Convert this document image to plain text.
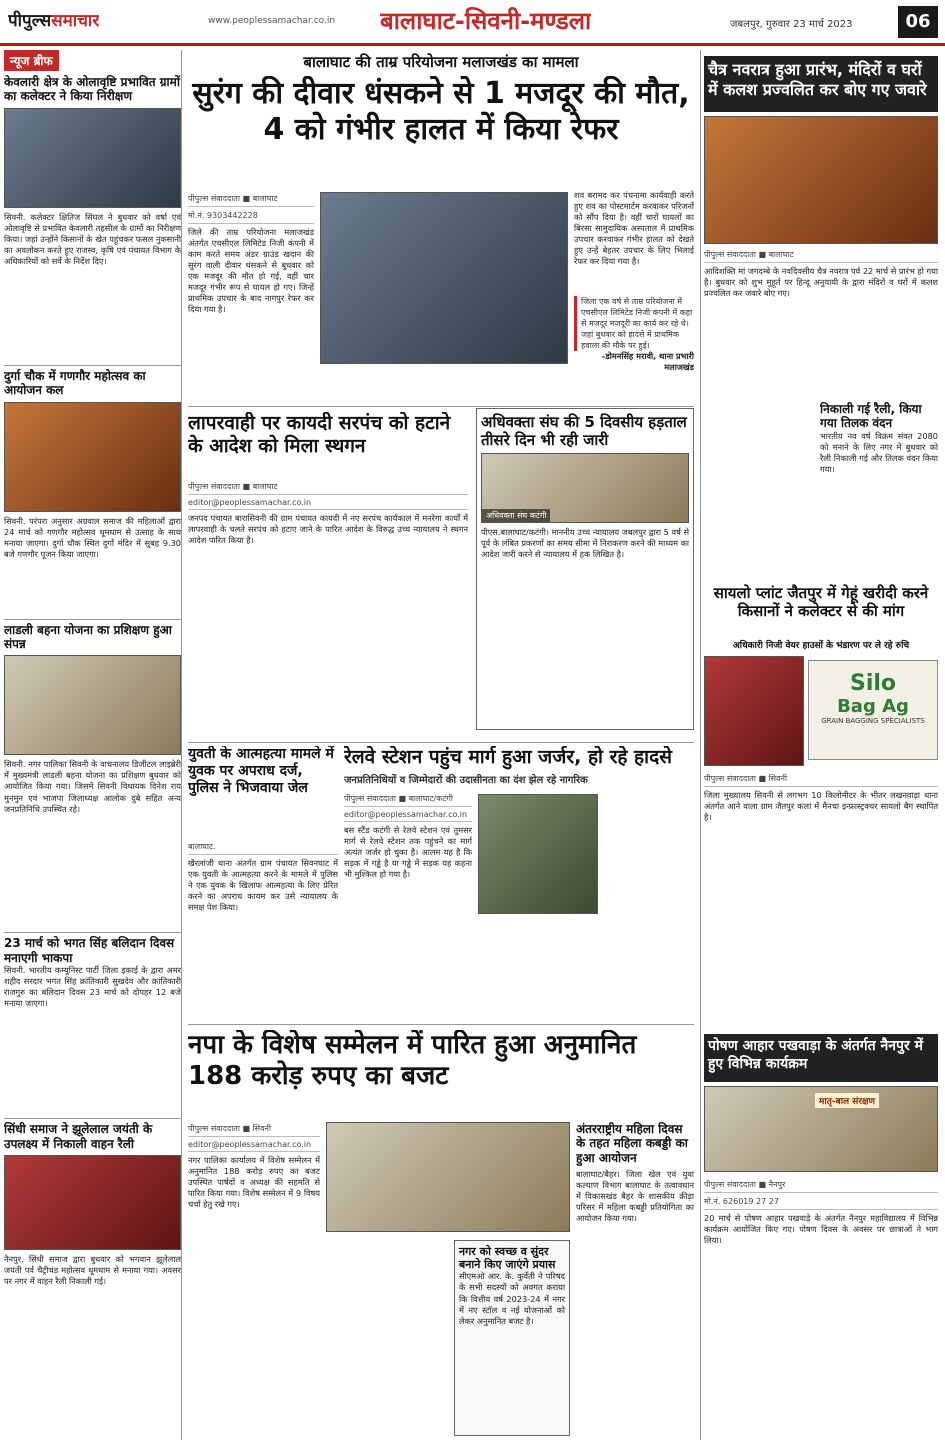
पीपुल्ससमाचार	www.peoplessamachar.co.in बालाघाट-सिवनी-मण्डला	जबलपुर, गुरुवार 23 मार्च 2023	06
न्यूज ब्रीफ
केवलारी क्षेत्र के ओलावृष्टि प्रभावित ग्रामों का कलेक्टर ने किया निरीक्षण
सिवनी. कलेक्टर क्षितिज सिंघल ने बुधवार को वर्षा एवं ओलावृष्टि से प्रभावित केवलारी तहसील के ग्रामों का निरीक्षण किया। जहां उन्होंने किसानों के खेत पहुंचकर फसल नुकसानी का अवलोकन करते हुए राजस्व, कृषि एवं पंचायत विभाग के अधिकारियों को सर्वे के निर्देश दिए।
दुर्गा चौक में गणगौर महोत्सव का आयोजन कल
सिवनी. परंपरा अनुसार अग्रवाल समाज की महिलाओं द्वारा 24 मार्च को गणगौर महोत्सव धूमधाम से उत्साह के साथ मनाया जाएगा। दुर्गा चौक स्थित दुर्गा मंदिर में सुबह 9.30 बजे गणगौर पूजन किया जाएगा।
लाडली बहना योजना का प्रशिक्षण हुआ संपन्न
सिवनी. नगर पालिका सिवनी के वाचनालय डिजीटल लाइब्रेरी में मुख्यमंत्री लाडली बहना योजना का प्रशिक्षण बुधवार को आयोजित किया गया। जिसमें सिवनी विधायक दिनेश राय मुनमुन एवं भाजपा जिलाध्यक्ष आलोक दुबे सहित अन्य जनप्रतिनिधि उपस्थित रहे।
23 मार्च को भगत सिंह बलिदान दिवस मनाएगी भाकपा
सिवनी. भारतीय कम्युनिस्ट पार्टी जिला इकाई के द्वारा अमर शहीद सरदार भगत सिंह क्रांतिकारी सुखदेव और क्रांतिकारी राजगुरु का बलिदान दिवस 23 मार्च को दोपहर 12 बजे मनाया जाएगा।
सिंधी समाज ने झूलेलाल जयंती के उपलक्ष्य में निकाली वाहन रैली
नैनपुर. सिंधी समाज द्वारा बुधवार को भगवान झूलेलाल जयंती पर्व चैट्रीचंड महोत्सव धूमधाम से मनाया गया। अवसर पर नगर में वाहन रैली निकाली गई।
बालाघाट की ताम्र परियोजना मलाजखंड का मामला
सुरंग की दीवार धंसकने से 1 मजदूर की मौत, 4 को गंभीर हालत में किया रेफर
पीपुल्स संवाददाता ■ बालाघाट
मो.नं. 9303442228
जिले की ताम्र परियोजना मलाजखंड अंतर्गत एचसीएल लिमिटेड निजी कंपनी में काम करते समय अंडर ग्राउंड खदान की सुरंग वाली दीवार धंसकने से बुधवार को एक मजदूर की मौत हो गई, वहीं चार मजदूर गंभीर रूप से घायल हो गए। जिन्हें प्राथमिक उपचार के बाद नागपुर रेफर कर दिया गया है।
शव बरामद कर पंचनामा कार्यवाही करते हुए शव का पोस्टमार्टम करवाकर परिजनों को सौंप दिया है। वहीं चारों घायलों का बिरसा सामुदायिक अस्पताल में प्राथमिक उपचार करवाकर गंभीर हालत को देखते हुए उन्हें बेहतर उपचार के लिए भिलाई रेफर कर दिया गया है।
जिला एक वर्ष से ताम्र परियोजना में एचसीएल लिमिटेड निजी कंपनी में कहा से मजदूर मजदूरी का कार्य कर रहे थे। जहां बुधवार को हादसे में प्राथमिक हवाला की मौके पर हुई।
-डोमनसिंह मरावी, थाना प्रभारी मलाजखंड
लापरवाही पर कायदी सरपंच को हटाने के आदेश को मिला स्थगन
पीपुल्स संवाददाता ■ बालाघाट
editor@peoplessamachar.co.in
जनपद पंचायत बारासिवनी की ग्राम पंचायत कायदी में नए सरपंच कार्यकाल में मनरेगा कार्यों में लापरवाही के चलते सरपंच को हटाए जाने के पारित आदेश के विरुद्ध उच्च न्यायालय ने स्थगन आदेश पारित किया है।
अधिवक्ता संघ की 5 दिवसीय हड़ताल तीसरे दिन भी रही जारी
अधिवक्ता संघ कटंगी
पीएस.बालाघाट/कटंगी। माननीय उच्च न्यायालय जबलपुर द्वारा 5 वर्ष से पूर्व के लंबित प्रकरणों का समय सीमा में निराकरण करने की माध्यम का आदेश जारी करने से न्यायालय में हक लिखित है।
युवती के आत्महत्या मामले में युवक पर अपराध दर्ज, पुलिस ने भिजवाया जेल
बालाघाट.
खैरलांजी थाना अंतर्गत ग्राम पंचायत सिवनघाट में एक युवती के आत्महत्या करने के मामले में पुलिस ने एक युवक के खिलाफ आत्महत्या के लिए प्रेरित करने का अपराध कायम कर उसे न्यायालय के समक्ष पेश किया।
रेलवे स्टेशन पहुंच मार्ग हुआ जर्जर, हो रहे हादसे
जनप्रतिनिधियों व जिम्मेदारों की उदासीनता का दंश झेल रहे नागरिक
पीपुल्स संवाददाता ■ बालाघाट/कटंगी
editor@peoplessamachar.co.in
बस स्टैंड कटंगी से रेलवे स्टेशन एवं तुमसर मार्ग से रेलवे स्टेशन तक पहुंचने का मार्ग अत्यंत जर्जर हो चुका है। आलम यह है कि सड़क में गड्ढे है या गड्ढे में सड़क यह कहना भी मुश्किल हो गया है।
नपा के विशेष सम्मेलन में पारित हुआ अनुमानित 188 करोड़ रुपए का बजट
पीपुल्स संवाददाता ■ सिवनी
editor@peoplessamachar.co.in
नगर पालिका कार्यालय में विशेष सम्मेलन में अनुमानित 188 करोड़ रुपए का बजट उपस्थित पार्षदों व अध्यक्ष की सहमति से पारित किया गया। विशेष सम्मेलन में 9 विषय चर्चा हेतु रखे गए।
नगर को स्वच्छ व सुंदर बनाने किए जाएंगे प्रयास
सीएमओ आर. के. कुर्वेती ने परिषद के सभी सदस्यों को अवगत कराया कि वित्तीय वर्ष 2023-24 में नगर में नए स्टॉल व नई योजनाओं को लेकर अनुमानित बजट है।
अंतरराष्ट्रीय महिला दिवस के तहत महिला कबड्डी का हुआ आयोजन
बालाघाट/बैहर। जिला खेल एवं युवा कल्याण विभाग बालाघाट के तत्वावधान में विकासखंड बैहर के शासकीय क्रीड़ा परिसर में महिला कबड्डी प्रतियोगिता का आयोजन किया गया।
चैत्र नवरात्र हुआ प्रारंभ, मंदिरों व घरों में कलश प्रज्वलित कर बोए गए जवारे
पीपुल्स संवाददाता ■ बालाघाट
आदिशक्ति मां जगदम्बे के नवदिवसीय चैत्र नवरात्र पर्व 22 मार्च से प्रारंभ हो गया है। बुधवार को शुभ मुहूर्त पर हिन्दू अनुयायी के द्वारा मंदिरों व घरों में कलश प्रज्वलित कर जवारे बोए गए।
निकाली गई रैली, किया गया तिलक वंदन
भारतीय नव वर्ष विक्रम संवत 2080 को मनाने के लिए नगर में बुधवार को रैली निकाली गई और तिलक वंदन किया गया।
सायलो प्लांट जैतपुर में गेहूं खरीदी करने किसानों ने कलेक्टर से की मांग
अधिकारी निजी वेयर हाउसों के भंडारण पर ले रहे रुचि
Silo
Bag Ag
GRAIN BAGGING SPECIALISTS
पीपुल्स संवाददाता ■ सिवनी
जिला मुख्यालय सिवनी से लगभग 10 किलोमीटर के भीतर लखनवाड़ा थाना अंतर्गत आने वाला ग्राम जैतपुर कलां में मैनचा इन्फ्रास्ट्रक्चर सायलो बैग स्थापित है।
पोषण आहार पखवाड़ा के अंतर्गत नैनपुर में हुए विभिन्न कार्यक्रम
मातृ-बाल संरक्षण
पीपुल्स संवाददाता ■ नैनपुर
मो.नं. 626019 27 27
20 मार्च से पोषण आहार पखवाड़े के अंतर्गत नैनपुर महाविद्यालय में विभिन्न कार्यक्रम आयोजित किए गए। पोषण दिवस के अवसर पर छात्राओं ने भाग लिया।
